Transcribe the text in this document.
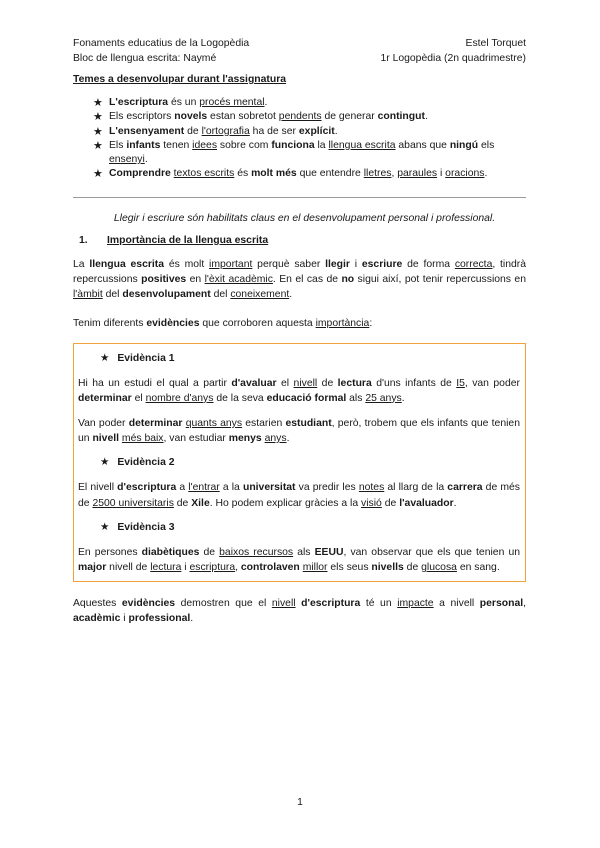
Fonaments educatius de la Logopèdia	Estel Torquet
Bloc de llengua escrita: Naymé	1r Logopèdia (2n quadrimestre)
Temes a desenvolupar durant l'assignatura
★ L'escriptura és un procés mental.
★ Els escriptors novels estan sobretot pendents de generar contingut.
★ L'ensenyament de l'ortografia ha de ser explícit.
★ Els infants tenen idees sobre com funciona la llengua escrita abans que ningú els ensenyi.
★ Comprendre textos escrits és molt més que entendre lletres, paraules i oracions.
Llegir i escriure són habilitats claus en el desenvolupament personal i professional.
1.	Importància de la llengua escrita

La llengua escrita és molt important perquè saber llegir i escriure de forma correcta, tindrà repercussions positives en l'èxit acadèmic. En el cas de no sigui així, pot tenir repercussions en l'àmbit del desenvolupament del coneixement.

Tenim diferents evidències que corroboren aquesta importància:

★ Evidència 1

Hi ha un estudi el qual a partir d'avaluar el nivell de lectura d'uns infants de I5, van poder determinar el nombre d'anys de la seva educació formal als 25 anys.

Van poder determinar quants anys estarien estudiant, però, trobem que els infants que tenien un nivell més baix, van estudiar menys anys.

★ Evidència 2

El nivell d'escriptura a l'entrar a la universitat va predir les notes al llarg de la carrera de més de 2500 universitaris de Xile. Ho podem explicar gràcies a la visió de l'avaluador.

★ Evidència 3

En persones diabètiques de baixos recursos als EEUU, van observar que els que tenien un major nivell de lectura i escriptura, controlaven millor els seus nivells de glucosa en sang.

Aquestes evidències demostren que el nivell d'escriptura té un impacte a nivell personal, acadèmic i professional.

1
